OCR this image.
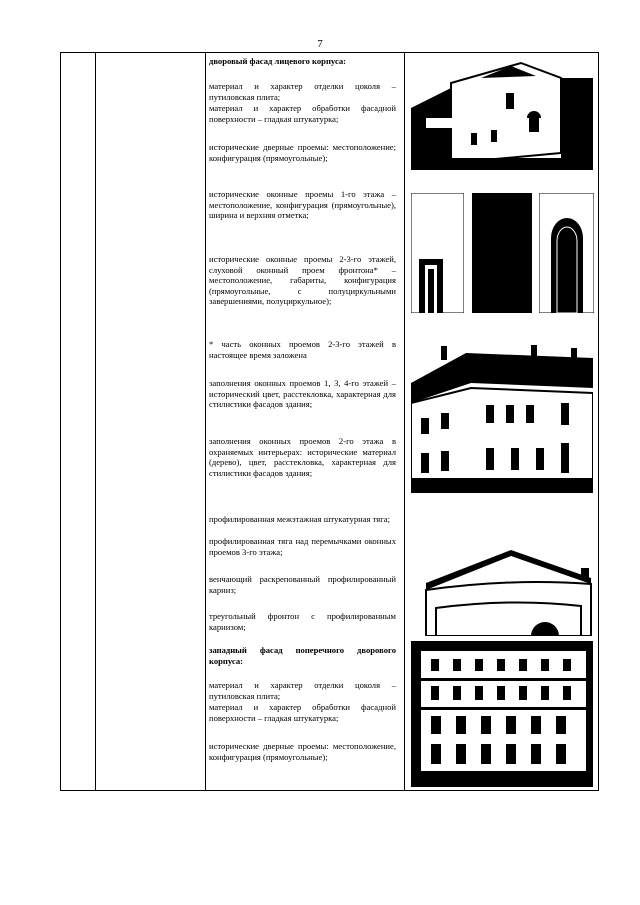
7
дворовый фасад лицевого корпуса:
материал и характер отделки цоколя – путиловская плита;
материал и характер обработки фасадной поверхности – гладкая штукатурка;
исторические дверные проемы: местоположение; конфигурация (прямоугольные);
исторические оконные проемы 1-го этажа – местоположение, конфигурация (прямоугольные), ширина и верхняя отметка;
исторические оконные проемы 2-3-го этажей, слуховой оконный проем фронтона* – местоположение, габариты, конфигурация (прямоугольные, с полуциркульными завершениями, полуциркульное);
* часть оконных проемов 2-3-го этажей в настоящее время заложена
заполнения оконных проемов 1, 3, 4-го этажей – исторический цвет, расстекловка, характерная для стилистики фасадов здания;
заполнения оконных проемов 2-го этажа в охраняемых интерьерах: исторические материал (дерево), цвет, расстекловка, характерная для стилистики фасадов здания;
профилированная межэтажная штукатурная тяга;
профилированная тяга над перемычками оконных проемов 3-го этажа;
венчающий раскрепованный профилированный карниз;
треугольный фронтон с профилированным карнизом;
западный фасад поперечного дворового корпуса:
материал и характер отделки цоколя – путиловская плита;
материал и характер обработки фасадной поверхности – гладкая штукатурка;
исторические дверные проемы: местоположение, конфигурация (прямоугольные);
